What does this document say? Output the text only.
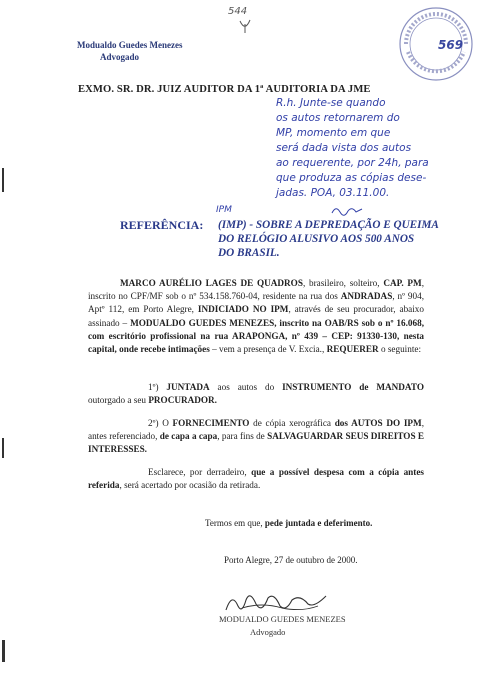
544
569
Modualdo Guedes Menezes
Advogado
EXMO. SR. DR. JUIZ AUDITOR DA 1ª AUDITORIA DA JME
R.h. Junte-se quando
os autos retornarem do
MP, momento em que
será dada vista dos autos
ao requerente, por 24h, para
que produza as cópias dese-
jadas. POA, 03.11.00.
IPM
REFERÊNCIA: (IMP) - SOBRE A DEPREDAÇÃO E QUEIMA
DO RELÓGIO ALUSIVO AOS 500 ANOS
DO BRASIL.
MARCO AURÉLIO LAGES DE QUADROS, brasileiro, solteiro, CAP. PM, inscrito no CPF/MF sob o nº 534.158.760-04, residente na rua dos ANDRADAS, nº 904, Aptº 112, em Porto Alegre, INDICIADO NO IPM, através de seu procurador, abaixo assinado – MODUALDO GUEDES MENEZES, inscrito na OAB/RS sob o nº 16.068, com escritório profissional na rua ARAPONGA, nº 439 – CEP: 91330-130, nesta capital, onde recebe intimações – vem a presença de V. Excia., REQUERER o seguinte:
1º) JUNTADA aos autos do INSTRUMENTO de MANDATO outorgado a seu PROCURADOR.
2º) O FORNECIMENTO de cópia xerográfica dos AUTOS DO IPM, antes referenciado, de capa a capa, para fins de SALVAGUARDAR SEUS DIREITOS E INTERESSES.
Esclarece, por derradeiro, que a possível despesa com a cópia antes referida, será acertado por ocasião da retirada.
Termos em que, pede juntada e deferimento.
Porto Alegre, 27 de outubro de 2000.
MODUALDO GUEDES MENEZES
Advogado
